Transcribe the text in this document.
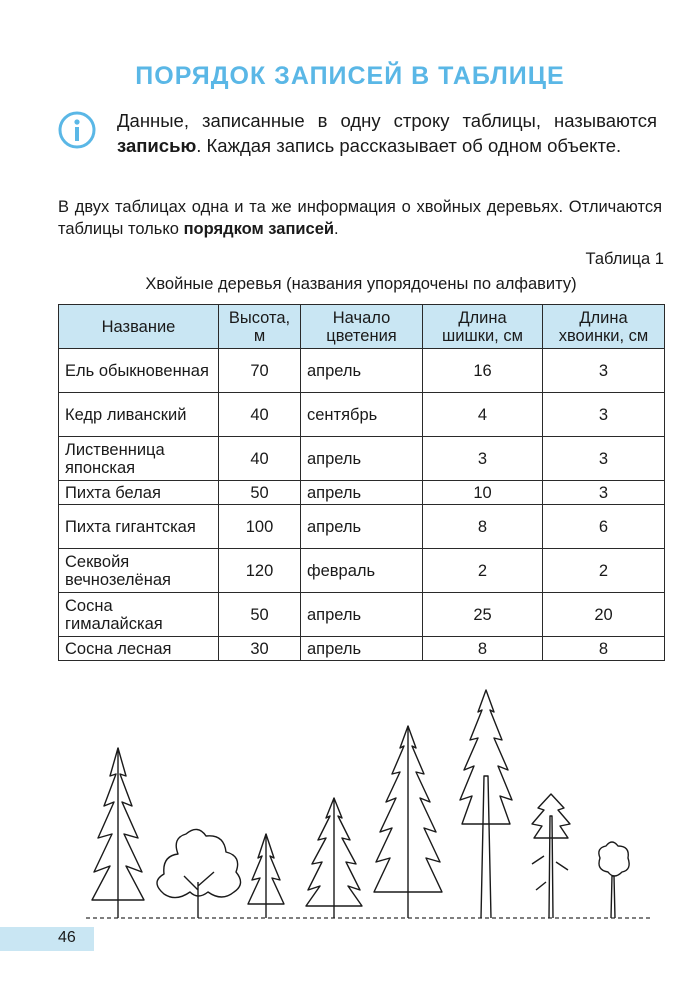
ПОРЯДОК ЗАПИСЕЙ В ТАБЛИЦЕ
Данные, записанные в одну строку таблицы, называются записью. Каждая запись рассказывает об одном объекте.
В двух таблицах одна и та же информация о хвойных деревьях. Отличаются таблицы только порядком записей.
Таблица 1
Хвойные деревья (названия упорядочены по алфавиту)
Название	Высота, м	Начало цветения	Длина шишки, см	Длина хвоинки, см
Ель обыкновенная	70	апрель	16	3
Кедр ливанский	40	сентябрь	4	3
Лиственница японская	40	апрель	3	3
Пихта белая	50	апрель	10	3
Пихта гигантская	100	апрель	8	6
Секвойя вечнозелёная	120	февраль	2	2
Сосна гималайская	50	апрель	25	20
Сосна лесная	30	апрель	8	8
46
